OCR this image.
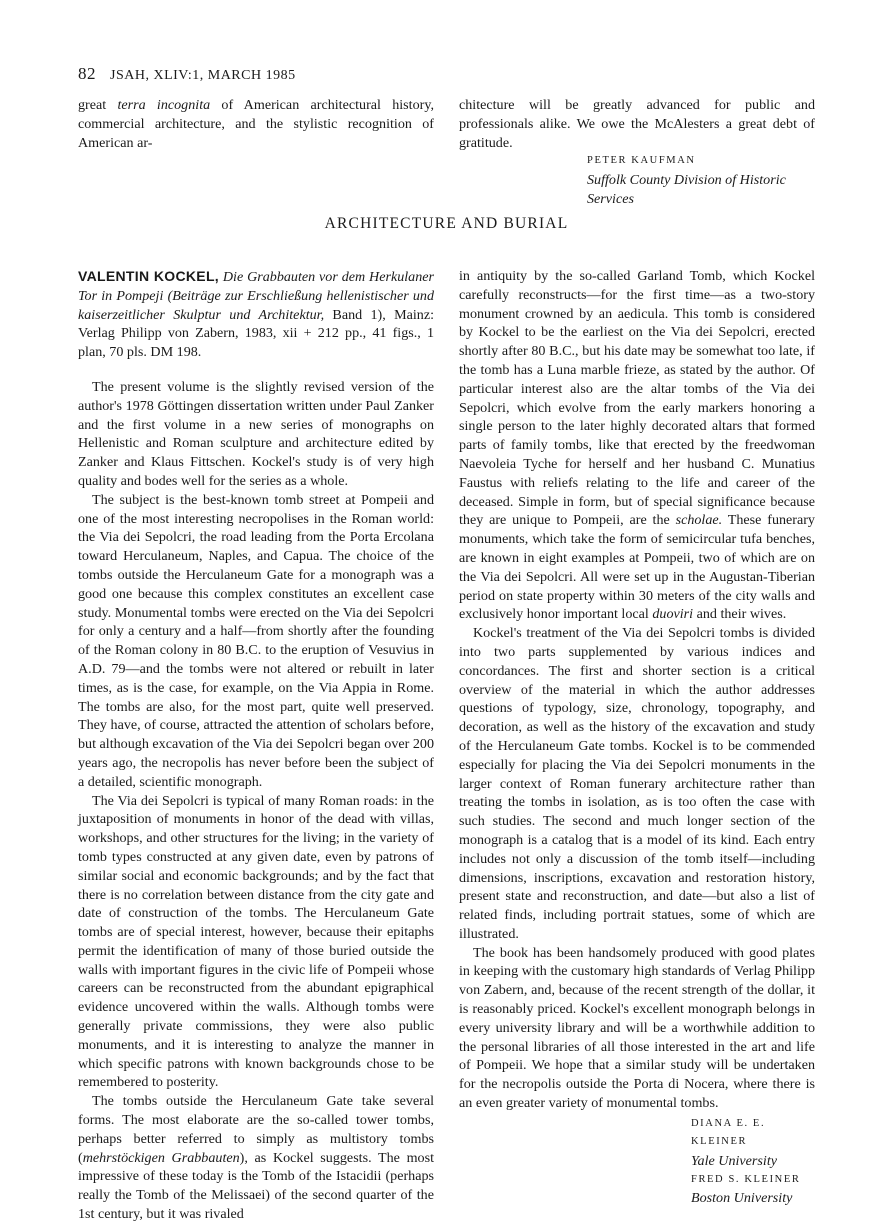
82 JSAH, XLIV:1, MARCH 1985

great terra incognita of American architectural history, commercial architecture, and the stylistic recognition of American ar-

chitecture will be greatly advanced for public and professionals alike. We owe the McAlesters a great debt of gratitude.

PETER KAUFMAN
Suffolk County Division of Historic Services
ARCHITECTURE AND BURIAL

VALENTIN KOCKEL, Die Grabbauten vor dem Herkulaner Tor in Pompeji (Beiträge zur Erschließung hellenistischer und kaiserzeitlicher Skulptur und Architektur, Band 1), Mainz: Verlag Philipp von Zabern, 1983, xii + 212 pp., 41 figs., 1 plan, 70 pls. DM 198.

The present volume is the slightly revised version of the author's 1978 Göttingen dissertation written under Paul Zanker and the first volume in a new series of monographs on Hellenistic and Roman sculpture and architecture edited by Zanker and Klaus Fittschen. Kockel's study is of very high quality and bodes well for the series as a whole.

The subject is the best-known tomb street at Pompeii and one of the most interesting necropolises in the Roman world: the Via dei Sepolcri, the road leading from the Porta Ercolana toward Herculaneum, Naples, and Capua. The choice of the tombs outside the Herculaneum Gate for a monograph was a good one because this complex constitutes an excellent case study. Monumental tombs were erected on the Via dei Sepolcri for only a century and a half—from shortly after the founding of the Roman colony in 80 B.C. to the eruption of Vesuvius in A.D. 79—and the tombs were not altered or rebuilt in later times, as is the case, for example, on the Via Appia in Rome. The tombs are also, for the most part, quite well preserved. They have, of course, attracted the attention of scholars before, but although excavation of the Via dei Sepolcri began over 200 years ago, the necropolis has never before been the subject of a detailed, scientific monograph.

The Via dei Sepolcri is typical of many Roman roads: in the juxtaposition of monuments in honor of the dead with villas, workshops, and other structures for the living; in the variety of tomb types constructed at any given date, even by patrons of similar social and economic backgrounds; and by the fact that there is no correlation between distance from the city gate and date of construction of the tombs. The Herculaneum Gate tombs are of special interest, however, because their epitaphs permit the identification of many of those buried outside the walls with important figures in the civic life of Pompeii whose careers can be reconstructed from the abundant epigraphical evidence uncovered within the walls. Although tombs were generally private commissions, they were also public monuments, and it is interesting to analyze the manner in which specific patrons with known backgrounds chose to be remembered to posterity.

The tombs outside the Herculaneum Gate take several forms. The most elaborate are the so-called tower tombs, perhaps better referred to simply as multistory tombs (mehrstöckigen Grabbauten), as Kockel suggests. The most impressive of these today is the Tomb of the Istacidii (perhaps really the Tomb of the Melissaei) of the second quarter of the 1st century, but it was rivaled

in antiquity by the so-called Garland Tomb, which Kockel carefully reconstructs—for the first time—as a two-story monument crowned by an aedicula. This tomb is considered by Kockel to be the earliest on the Via dei Sepolcri, erected shortly after 80 B.C., but his date may be somewhat too late, if the tomb has a Luna marble frieze, as stated by the author. Of particular interest also are the altar tombs of the Via dei Sepolcri, which evolve from the early markers honoring a single person to the later highly decorated altars that formed parts of family tombs, like that erected by the freedwoman Naevoleia Tyche for herself and her husband C. Munatius Faustus with reliefs relating to the life and career of the deceased. Simple in form, but of special significance because they are unique to Pompeii, are the scholae. These funerary monuments, which take the form of semicircular tufa benches, are known in eight examples at Pompeii, two of which are on the Via dei Sepolcri. All were set up in the Augustan-Tiberian period on state property within 30 meters of the city walls and exclusively honor important local duoviri and their wives.

Kockel's treatment of the Via dei Sepolcri tombs is divided into two parts supplemented by various indices and concordances. The first and shorter section is a critical overview of the material in which the author addresses questions of typology, size, chronology, topography, and decoration, as well as the history of the excavation and study of the Herculaneum Gate tombs. Kockel is to be commended especially for placing the Via dei Sepolcri monuments in the larger context of Roman funerary architecture rather than treating the tombs in isolation, as is too often the case with such studies. The second and much longer section of the monograph is a catalog that is a model of its kind. Each entry includes not only a discussion of the tomb itself—including dimensions, inscriptions, excavation and restoration history, present state and reconstruction, and date—but also a list of related finds, including portrait statues, some of which are illustrated.

The book has been handsomely produced with good plates in keeping with the customary high standards of Verlag Philipp von Zabern, and, because of the recent strength of the dollar, it is reasonably priced. Kockel's excellent monograph belongs in every university library and will be a worthwhile addition to the personal libraries of all those interested in the art and life of Pompeii. We hope that a similar study will be undertaken for the necropolis outside the Porta di Nocera, where there is an even greater variety of monumental tombs.

DIANA E. E. KLEINER
Yale University
FRED S. KLEINER
Boston University
